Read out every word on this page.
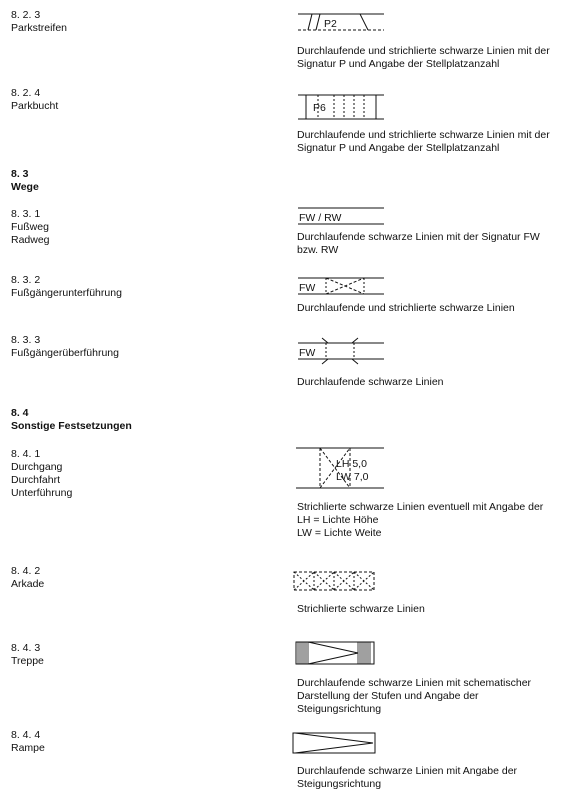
8. 2. 3
Parkstreifen	P2
Durchlaufende und strichlierte schwarze Linien mit der Signatur P und Angabe der Stellplatzanzahl
8. 2. 4
Parkbucht	P6
Durchlaufende und strichlierte schwarze Linien mit der Signatur P und Angabe der Stellplatzanzahl
8. 3
Wege
8. 3. 1
Fußweg
Radweg
FW / RW
Durchlaufende schwarze Linien mit der Signatur FW bzw. RW
8. 3. 2
Fußgängerunterführung	FW
Durchlaufende und strichlierte schwarze Linien
8. 3. 3
Fußgängerüberführung	FW
Durchlaufende schwarze Linien
8. 4
Sonstige Festsetzungen
8. 4. 1
Durchgang
Durchfahrt
Unterführung
LH 5,0
LW 7,0
Strichlierte schwarze Linien eventuell mit Angabe der
LH = Lichte Höhe
LW = Lichte Weite
8. 4. 2
Arkade
Strichlierte schwarze Linien
8. 4. 3
Treppe
Durchlaufende schwarze Linien mit schematischer Darstellung der Stufen und Angabe der Steigungsrichtung
8. 4. 4
Rampe
Durchlaufende schwarze Linien mit Angabe der Steigungsrichtung
